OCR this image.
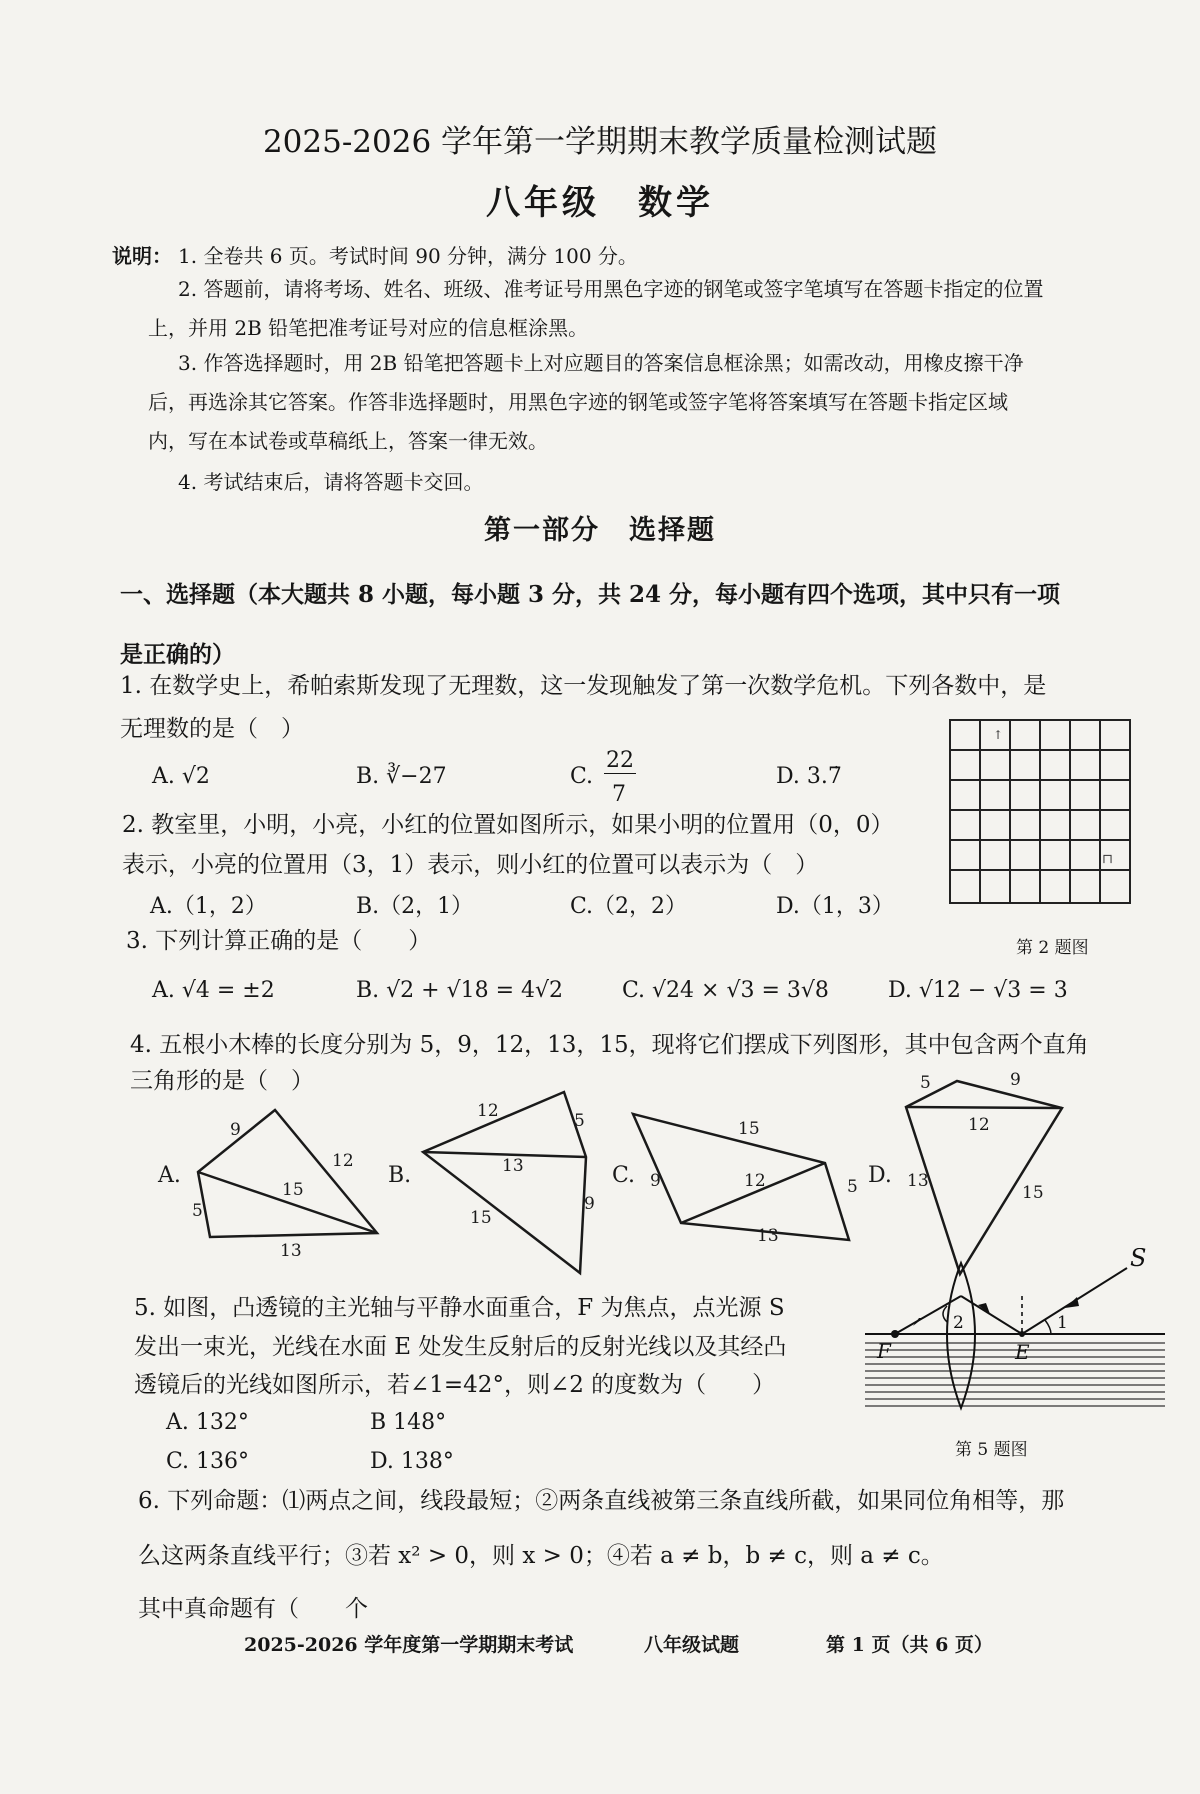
2025-2026 学年第一学期期末教学质量检测试题
八年级　数学
说明： 1. 全卷共 6 页。考试时间 90 分钟，满分 100 分。
2. 答题前，请将考场、姓名、班级、准考证号用黑色字迹的钢笔或签字笔填写在答题卡指定的位置
上，并用 2B 铅笔把准考证号对应的信息框涂黑。
3. 作答选择题时，用 2B 铅笔把答题卡上对应题目的答案信息框涂黑；如需改动，用橡皮擦干净
后，再选涂其它答案。作答非选择题时，用黑色字迹的钢笔或签字笔将答案填写在答题卡指定区域
内，写在本试卷或草稿纸上，答案一律无效。
4. 考试结束后，请将答题卡交回。
第一部分　选择题
一、选择题（本大题共 8 小题，每小题 3 分，共 24 分，每小题有四个选项，其中只有一项
是正确的）
1. 在数学史上，希帕索斯发现了无理数，这一发现触发了第一次数学危机。下列各数中，是
无理数的是（　）
A. √2	B. ∛−27	C.
22
7
D. 3.7̇
↑
⊓
第 2 题图
2. 教室里，小明，小亮，小红的位置如图所示，如果小明的位置用（0，0）
表示，小亮的位置用（3，1）表示，则小红的位置可以表示为（　）
A.（1，2）	B.（2，1）	C.（2，2）	D.（1，3）
3. 下列计算正确的是（　　）
A. √4 = ±2	B. √2 + √18 = 4√2	C. √24 × √3 = 3√8	D. √12 − √3 = 3
4. 五根小木棒的长度分别为 5，9，12，13，15，现将它们摆成下列图形，其中包含两个直角
三角形的是（　）
A.
9
12
15
5
13
B.
12	5
13
15
9
C.
15
9	12	5
13
D.
5	9
12
13
15
5. 如图，凸透镜的主光轴与平静水面重合，F 为焦点，点光源 S
发出一束光，光线在水面 E 处发生反射后的反射光线以及其经凸
透镜后的光线如图所示，若∠1=42°，则∠2 的度数为（　　）
A. 132°	B 148°
C. 136°	D. 138°
S
F	E
1
2
第 5 题图
6. 下列命题：⑴两点之间，线段最短；②两条直线被第三条直线所截，如果同位角相等，那
么这两条直线平行；③若 x² > 0，则 x > 0；④若 a ≠ b，b ≠ c，则 a ≠ c。
其中真命题有（　　个
2025-2026 学年度第一学期期末考试	八年级试题	第 1 页（共 6 页）
